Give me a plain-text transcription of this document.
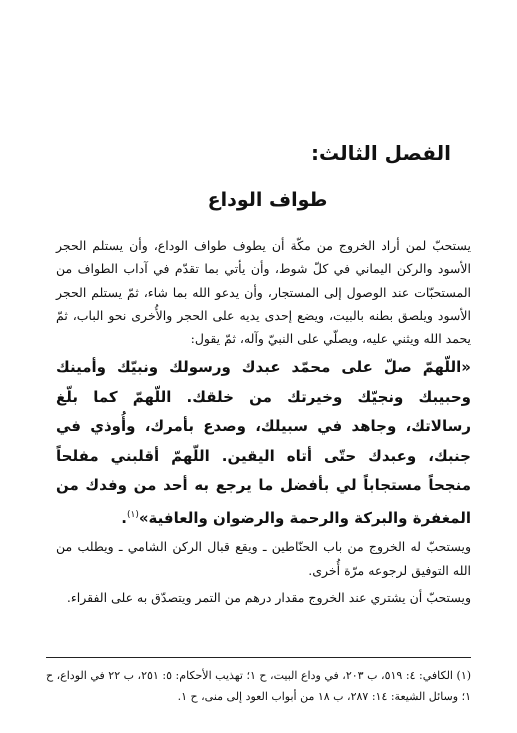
الفصل الثالث:
طواف الوداع

يستحبّ لمن أراد الخروج من مكّة أن يطوف طواف الوداع، وأن يستلم الحجر الأسود والركن اليماني في كلّ شوط، وأن يأتي بما تقدّم في آداب الطواف من المستحبّات عند الوصول إلى المستجار، وأن يدعو الله بما شاء، ثمّ يستلم الحجر الأسود ويلصق بطنه بالبيت، ويضع إحدى يديه على الحجر والأُخرى نحو الباب، ثمّ يحمد الله ويثني عليه، ويصلّي على النبيّ وآله، ثمّ يقول:

«اللّهمّ صلّ على محمّد عبدك ورسولك ونبيّك وأمينك وحبيبك ونجيّك وخيرتك من خلقك. اللّهمّ كما بلّغ رسالاتك، وجاهد في سبيلك، وصدع بأمرك، وأُوذي في جنبك، وعبدك حتّى أتاه اليقين. اللّهمّ أقلبني مفلحاً منجحاً مستجاباً لي بأفضل ما يرجع به أحد من وفدك من المغفرة والبركة والرحمة والرضوان والعافية»$^{(١)}$.

ويستحبّ له الخروج من باب الحنّاطين ـ ويقع قبال الركن الشامي ـ ويطلب من الله التوفيق لرجوعه مرّة أُخرى.

ويستحبّ أن يشتري عند الخروج مقدار درهم من التمر ويتصدّق به على الفقراء.

(١) الكافي: ٤: ٥١٩، ب ٢٠٣، في وداع البيت، ح ١؛ تهذيب الأحكام: ٥: ٢٥١، ب ٢٢ في الوداع، ح ١؛ وسائل الشيعة: ١٤: ٢٨٧، ب ١٨ من أبواب العود إلى منى، ح ١.
